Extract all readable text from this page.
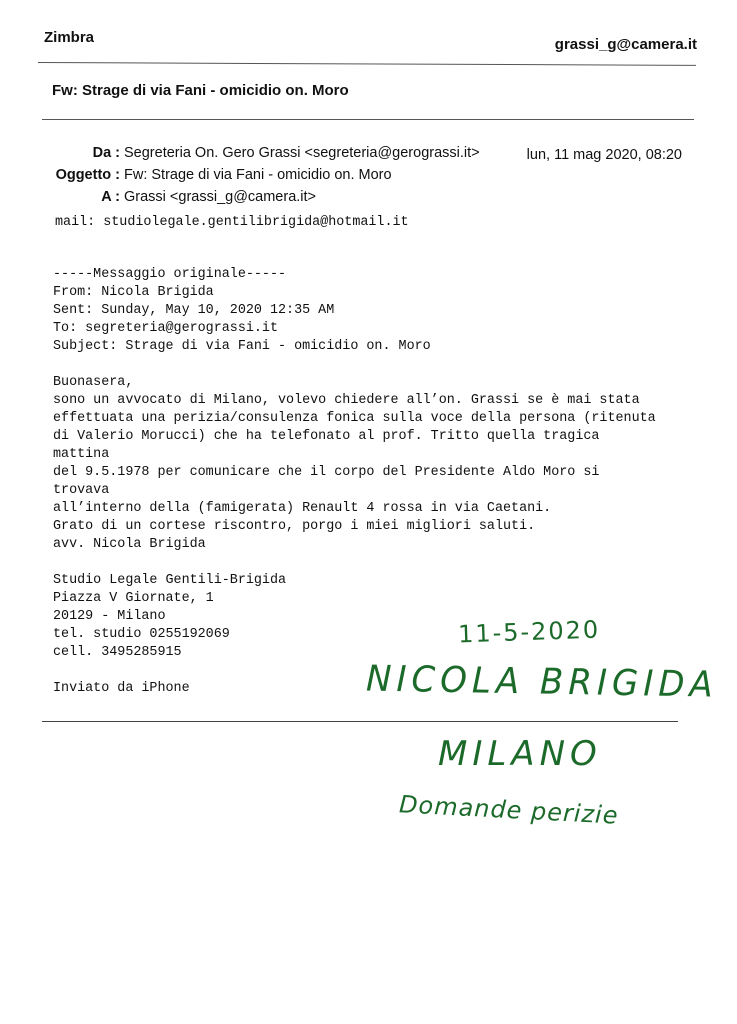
Zimbra	grassi_g@camera.it
Fw: Strage di via Fani - omicidio on. Moro
Da : Segreteria On. Gero Grassi <segreteria@gerograssi.it>	lun, 11 mag 2020, 08:20
Oggetto : Fw: Strage di via Fani - omicidio on. Moro
A : Grassi <grassi_g@camera.it>
mail: studiolegale.gentilibrigida@hotmail.it
-----Messaggio originale-----
From: Nicola Brigida
Sent: Sunday, May 10, 2020 12:35 AM
To: segreteria@gerograssi.it
Subject: Strage di via Fani - omicidio on. Moro
Buonasera,
sono un avvocato di Milano, volevo chiedere all’on. Grassi se è mai stata
effettuata una perizia/consulenza fonica sulla voce della persona (ritenuta
di Valerio Morucci) che ha telefonato al prof. Tritto quella tragica
mattina
del 9.5.1978 per comunicare che il corpo del Presidente Aldo Moro si
trovava
all’interno della (famigerata) Renault 4 rossa in via Caetani.
Grato di un cortese riscontro, porgo i miei migliori saluti.
avv. Nicola Brigida
Studio Legale Gentili-Brigida
Piazza V Giornate, 1
20129 - Milano
tel. studio 0255192069
cell. 3495285915
Inviato da iPhone
11-5-2020
NICOLA BRIGIDA
MILANO
Domande perizie
